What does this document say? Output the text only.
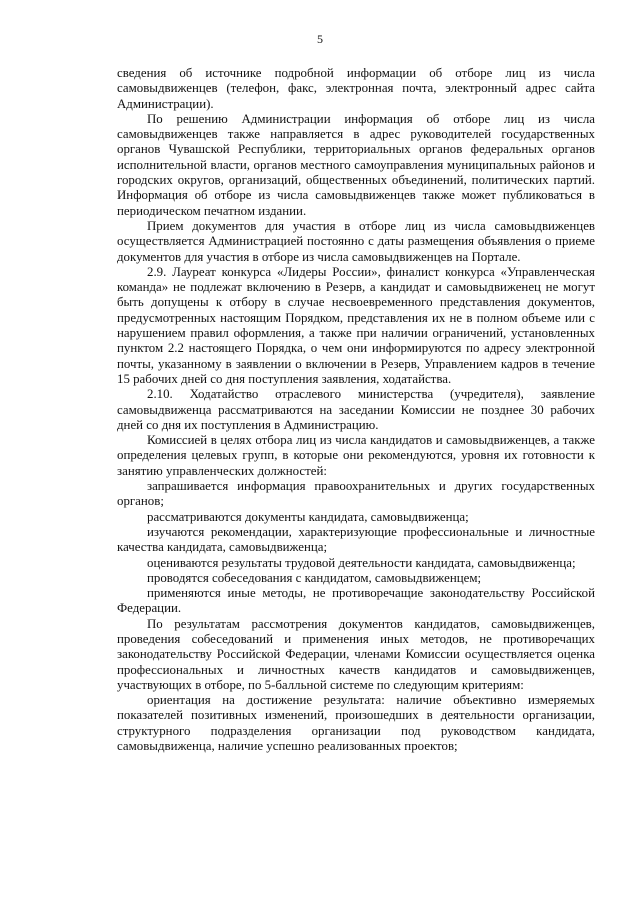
5

сведения об источнике подробной информации об отборе лиц из числа самовыдвиженцев (телефон, факс, электронная почта, электронный адрес сайта Администрации).

По решению Администрации информация об отборе лиц из числа самовыдвиженцев также направляется в адрес руководителей государственных органов Чувашской Республики, территориальных органов федеральных органов исполнительной власти, органов местного самоуправления муниципальных районов и городских округов, организаций, общественных объединений, политических партий. Информация об отборе из числа самовыдвиженцев также может публиковаться в периодическом печатном издании.

Прием документов для участия в отборе лиц из числа самовыдвиженцев осуществляется Администрацией постоянно с даты размещения объявления о приеме документов для участия в отборе из числа самовыдвиженцев на Портале.

2.9. Лауреат конкурса «Лидеры России», финалист конкурса «Управленческая команда» не подлежат включению в Резерв, а кандидат и самовыдвиженец не могут быть допущены к отбору в случае несвоевременного представления документов, предусмотренных настоящим Порядком, представления их не в полном объеме или с нарушением правил оформления, а также при наличии ограничений, установленных пунктом 2.2 настоящего Порядка, о чем они информируются по адресу электронной почты, указанному в заявлении о включении в Резерв, Управлением кадров в течение 15 рабочих дней со дня поступления заявления, ходатайства.

2.10. Ходатайство отраслевого министерства (учредителя), заявление самовыдвиженца рассматриваются на заседании Комиссии не позднее 30 рабочих дней со дня их поступления в Администрацию.

Комиссией в целях отбора лиц из числа кандидатов и самовыдвиженцев, а также определения целевых групп, в которые они рекомендуются, уровня их готовности к занятию управленческих должностей:

запрашивается информация правоохранительных и других государственных органов;

рассматриваются документы кандидата, самовыдвиженца;

изучаются рекомендации, характеризующие профессиональные и личностные качества кандидата, самовыдвиженца;

оцениваются результаты трудовой деятельности кандидата, самовыдвиженца;

проводятся собеседования с кандидатом, самовыдвиженцем;

применяются иные методы, не противоречащие законодательству Российской Федерации.

По результатам рассмотрения документов кандидатов, самовыдвиженцев, проведения собеседований и применения иных методов, не противоречащих законодательству Российской Федерации, членами Комиссии осуществляется оценка профессиональных и личностных качеств кандидатов и самовыдвиженцев, участвующих в отборе, по 5-балльной системе по следующим критериям:

ориентация на достижение результата: наличие объективно измеряемых показателей позитивных изменений, произошедших в деятельности организации, структурного подразделения организации под руководством кандидата, самовыдвиженца, наличие успешно реализованных проектов;
